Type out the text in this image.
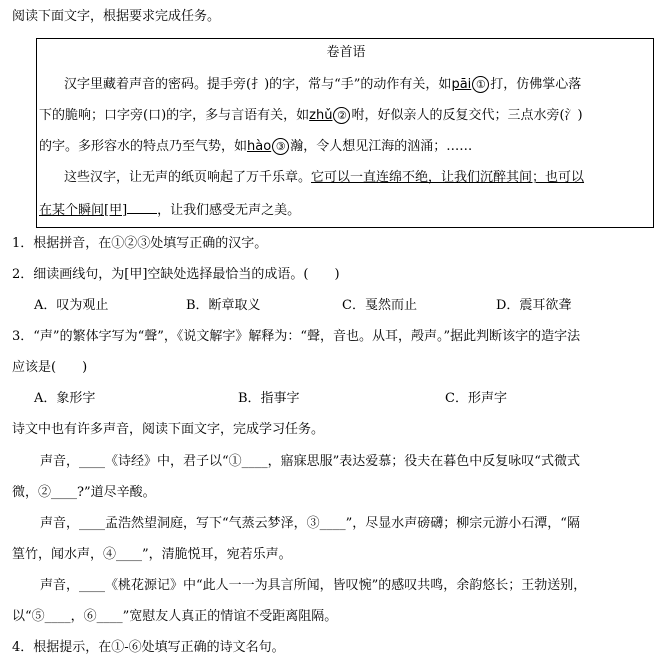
阅读下面文字，根据要求完成任务。
卷首语
汉字里藏着声音的密码。提手旁(扌)的字，常与“手”的动作有关，如pāi ① 打，仿佛掌心落
下的脆响；口字旁(口)的字，多与言语有关，如zhǔ ② 咐，好似亲人的反复交代；三点水旁(氵)
的字。多形容水的特点乃至气势，如hào ③ 瀚，令人想见江海的汹涌；……
这些汉字，让无声的纸页响起了万千乐章。它可以一直连绵不绝，让我们沉醉其间；也可以
在某个瞬间[甲] ，让我们感受无声之美。
1．根据拼音，在①②③处填写正确的汉字。
2．细读画线句，为[甲]空缺处选择最恰当的成语。(　　)
A．叹为观止	B．断章取义	C．戛然而止	D．震耳欲聋
3．“声”的繁体字写为“聲”，《说文解字》解释为：“聲，音也。从耳，殸声。”据此判断该字的造字法
应该是(　　)
A．象形字	B．指事字	C．形声字
诗文中也有许多声音，阅读下面文字，完成学习任务。
声音，____《诗经》中，君子以“①____，寤寐思服”表达爱慕；役夫在暮色中反复咏叹“式微式
微，②____?”道尽辛酸。
声音，____孟浩然望洞庭，写下“气蒸云梦泽，③____”，尽显水声磅礴；柳宗元游小石潭，“隔
篁竹，闻水声，④____”，清脆悦耳，宛若乐声。
声音，____《桃花源记》中“此人一一为具言所闻，皆叹惋”的感叹共鸣，余韵悠长；王勃送别，
以“⑤____，⑥____”宽慰友人真正的情谊不受距离阻隔。
4．根据提示，在①-⑥处填写正确的诗文名句。
